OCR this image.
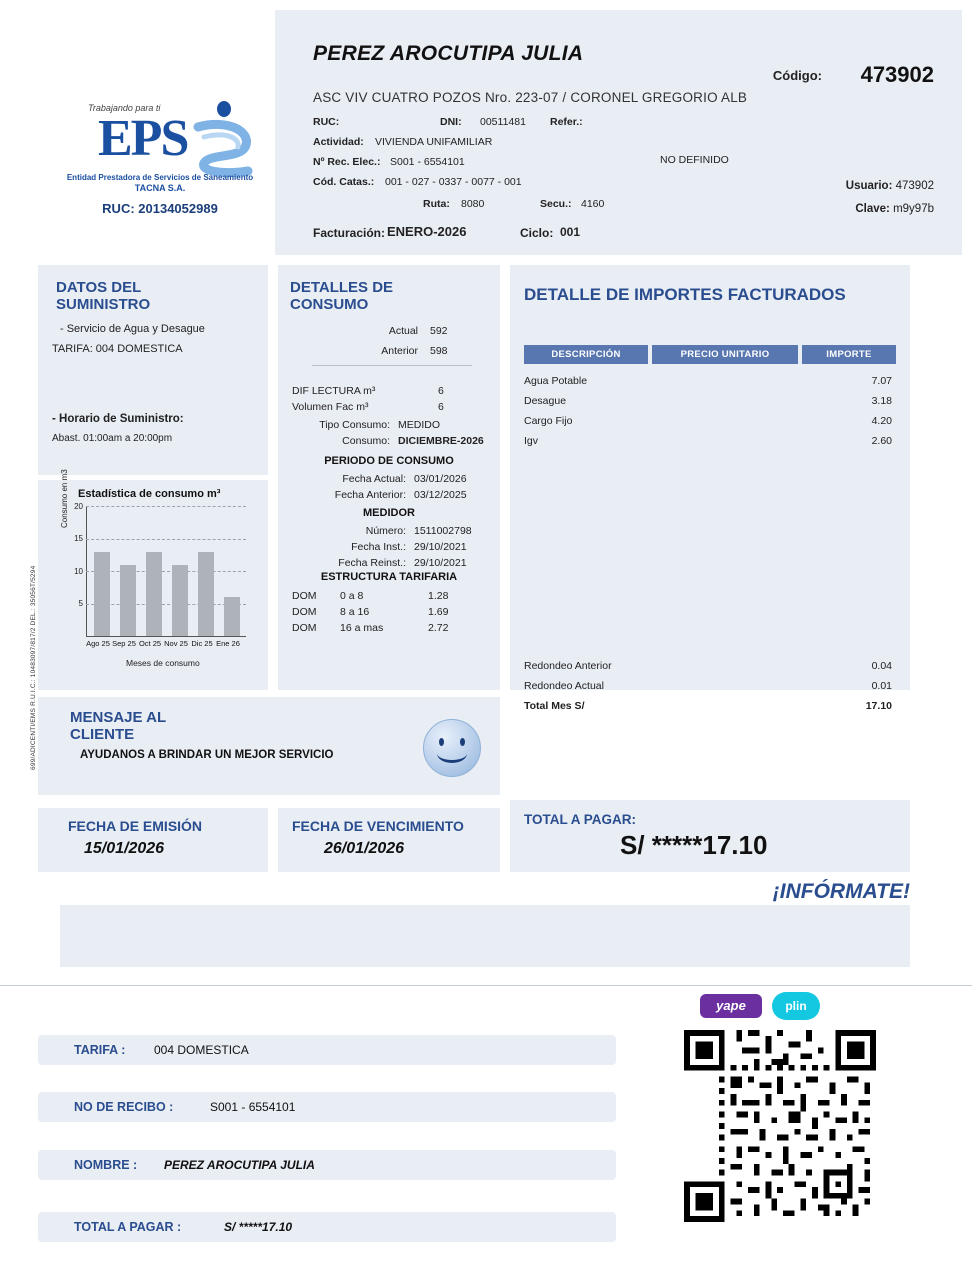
PEREZ AROCUTIPA JULIA
Código: 473902
ASC VIV CUATRO POZOS Nro. 223-07 / CORONEL GREGORIO ALB
RUC:	DNI: 00511481 Refer.:
Actividad: VIVIENDA UNIFAMILIAR
Nº Rec. Elec.: S001 - 6554101	NO DEFINIDO
Cód. Catas.: 001 - 027 - 0337 - 0077 - 001
Ruta: 8080	Secu.: 4160
Usuario: 473902
Clave: m9y97b
Facturación: ENERO-2026	Ciclo: 001
Trabajando para ti
EPS
Entidad Prestadora de Servicios de Saneamiento
TACNA S.A.
RUC: 20134052989
DATOS DEL SUMINISTRO
- Servicio de Agua y Desague
TARIFA: 004 DOMESTICA
- Horario de Suministro:
Abast. 01:00am a 20:00pm
Estadística de consumo m³
Consumo en m3 20
15
10
5
Ago 25 Sep 25 Oct 25 Nov 25 Dic 25 Ene 26
Meses de consumo
DETALLES DE CONSUMO
Actual 592
Anterior 598
DIF LECTURA m³	6
Volumen Fac m³	6
Tipo Consumo: MEDIDO
Consumo: DICIEMBRE-2026
PERIODO DE CONSUMO
Fecha Actual: 03/01/2026
Fecha Anterior: 03/12/2025
MEDIDOR
Número: 1511002798
Fecha Inst.: 29/10/2021
Fecha Reinst.: 29/10/2021
ESTRUCTURA TARIFARIA
DOM 0 a 8	1.28
DOM 8 a 16	1.69
DOM 16 a mas	2.72
DETALLE DE IMPORTES FACTURADOS
DESCRIPCIÓN	PRECIO UNITARIO	IMPORTE
Agua Potable	7.07
Desague	3.18
Cargo Fijo	4.20
Igv	2.60
Redondeo Anterior	0.04
Redondeo Actual	0.01
Total Mes S/	17.10
MENSAJE AL CLIENTE
AYUDANOS A BRINDAR UN MEJOR SERVICIO
FECHA DE EMISIÓN
15/01/2026
FECHA DE VENCIMIENTO
26/01/2026
TOTAL A PAGAR:
S/ *****17.10
¡INFÓRMATE!
699/ADICENTI/EMS R.U.I.C.: 10483097/817/2 DEL.: 35056T/5294
TARIFA : 004 DOMESTICA
NO DE RECIBO :	S001 - 6554101
NOMBRE : PEREZ AROCUTIPA JULIA
TOTAL A PAGAR :	S/ *****17.10
yape	plin
